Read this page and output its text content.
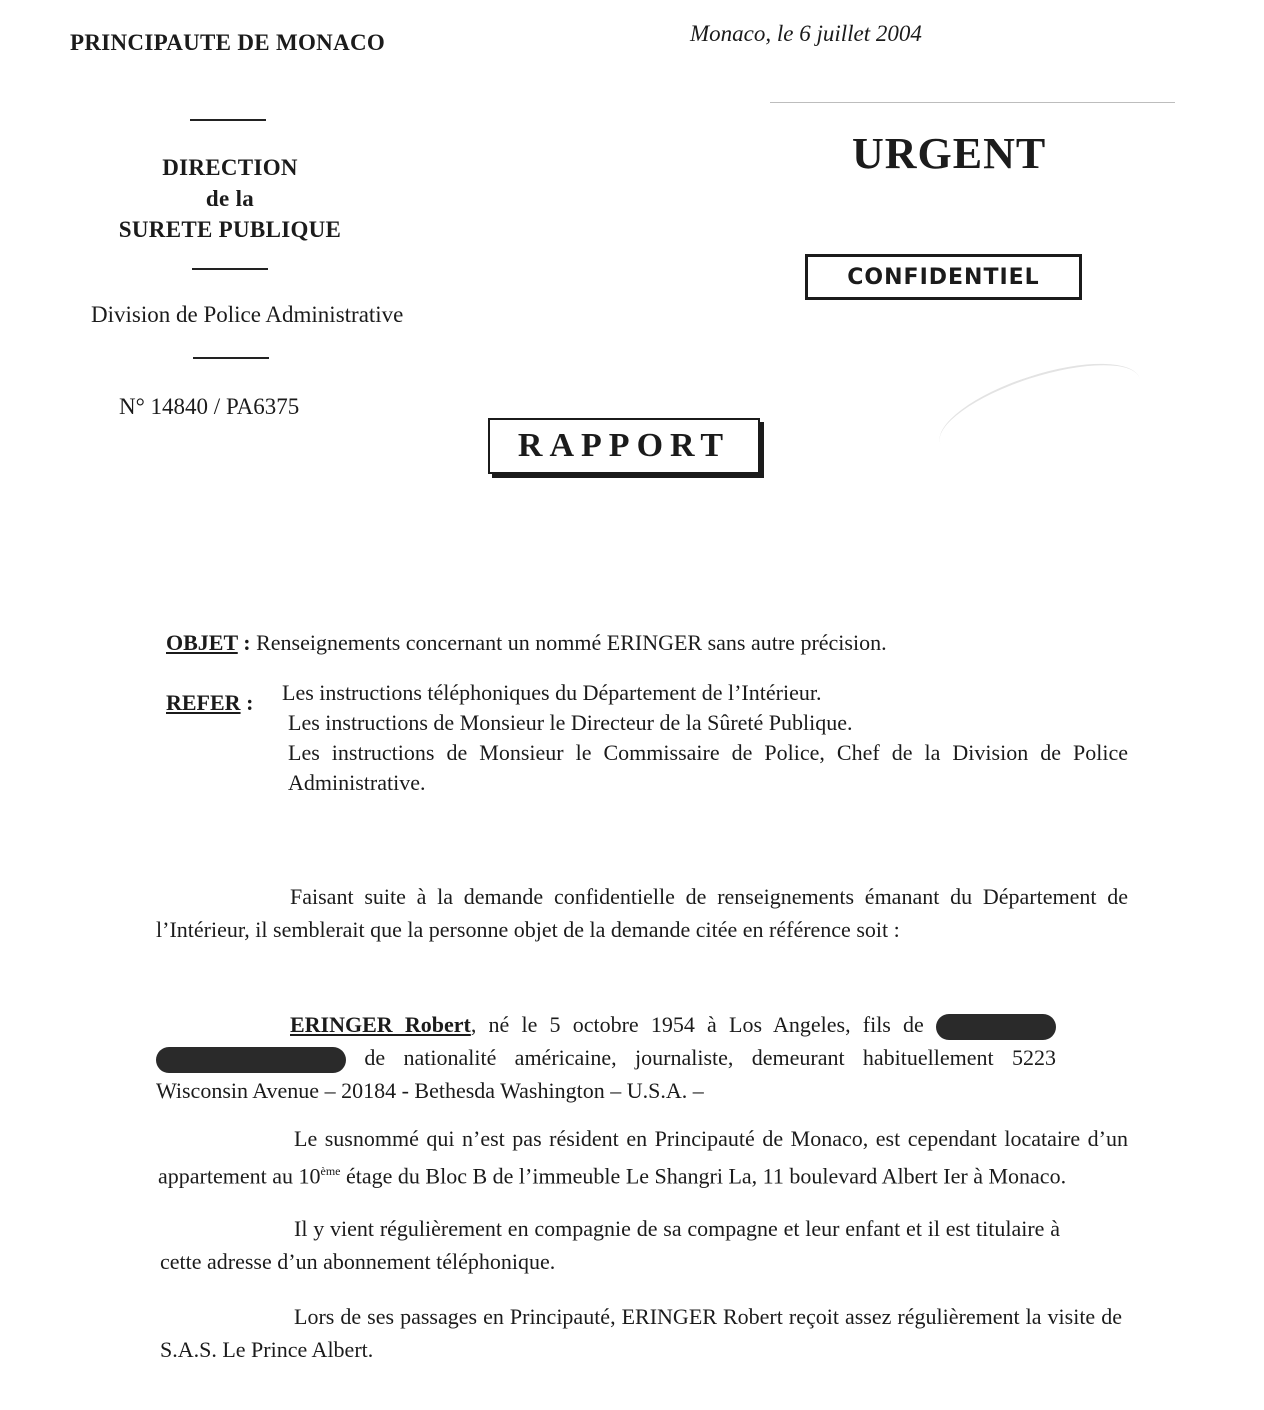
PRINCIPAUTE DE MONACO
DIRECTION
de la
SURETE PUBLIQUE
Division de Police Administrative
N° 14840 / PA6375
Monaco, le 6 juillet 2004
URGENT
CONFIDENTIEL
RAPPORT
OBJET : Renseignements concernant un nommé ERINGER sans autre précision.
REFER : Les instructions téléphoniques du Département de l’Intérieur.
Les instructions de Monsieur le Directeur de la Sûreté Publique.
Les instructions de Monsieur le Commissaire de Police, Chef de la Division de Police Administrative.
Faisant suite à la demande confidentielle de renseignements émanant du Département de l’Intérieur, il semblerait que la personne objet de la demande citée en référence soit :
ERINGER Robert, né le 5 octobre 1954 à Los Angeles, fils de   de nationalité américaine, journaliste, demeurant habituellement 5223 Wisconsin Avenue – 20184 - Bethesda Washington – U.S.A. –
Le susnommé qui n’est pas résident en Principauté de Monaco, est cependant locataire d’un appartement au 10ème étage du Bloc B de l’immeuble Le Shangri La, 11 boulevard Albert Ier à Monaco.
Il y vient régulièrement en compagnie de sa compagne et leur enfant et il est titulaire à cette adresse d’un abonnement téléphonique.
Lors de ses passages en Principauté, ERINGER Robert reçoit assez régulièrement la visite de S.A.S. Le Prince Albert.
